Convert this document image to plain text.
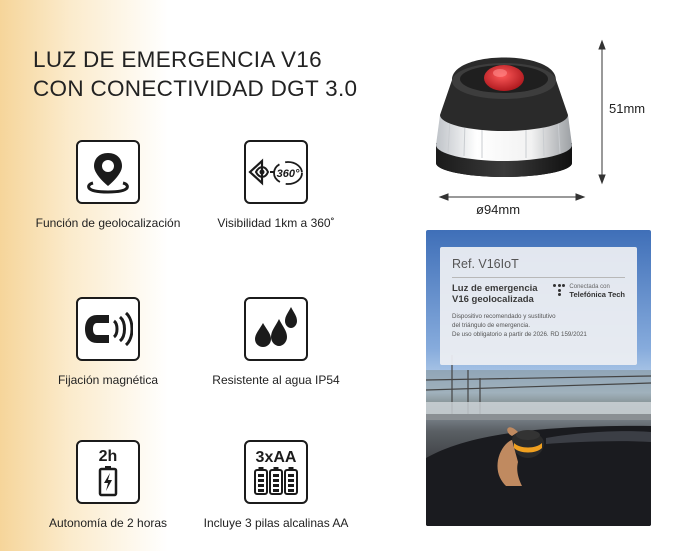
LUZ DE EMERGENCIA V16
CON CONECTIVIDAD DGT 3.0
Función de geolocalización
360°
Visibilidad 1km a 360˚
Fijación magnética	Resistente al agua IP54
2h
Autonomía de 2 horas
3xAA
Incluye 3 pilas alcalinas AA
51mm
ø94mm
Ref. V16IoT
Luz de emergencia
V16 geolocalizada
Conectada con
Telefónica Tech
Dispositivo recomendado y sustitutivo
del triángulo de emergencia.
De uso obligatorio a partir de 2026. RD 159/2021
